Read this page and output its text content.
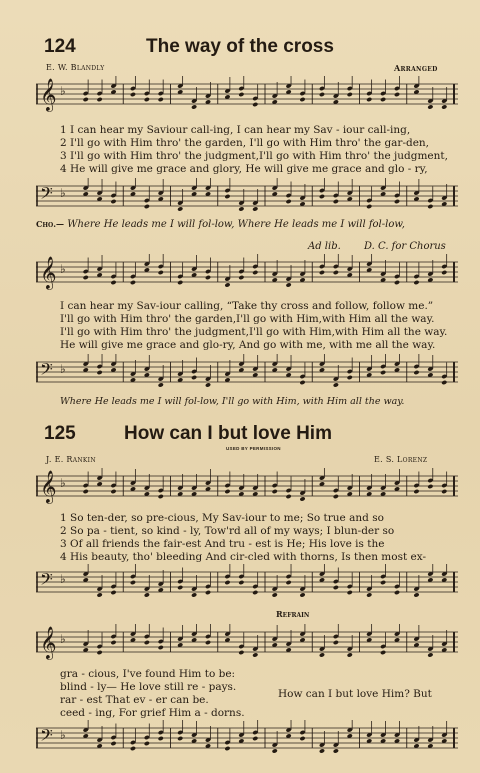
124	The way of the cross
E. W. Blandly	Arranged
𝄞 ♭
1 I can hear my Saviour call-ing, I can hear my Sav - iour call-ing,
2 I'll go with Him thro' the garden, I'll go with Him thro' the gar-den,
3 I'll go with Him thro' the judgment,I'll go with Him thro' the judgment,
4 He will give me grace and glory, He will give me grace and glo - ry,
𝄢 ♭
Cho.— Where He leads me I will fol-low, Where He leads me I will fol-low,
Ad lib. D. C. for Chorus
𝄞 ♭
I can hear my Sav-iour calling, “Take thy cross and follow, follow me.”
I'll go with Him thro' the garden,I'll go with Him,with Him all the way.
I'll go with Him thro' the judgment,I'll go with Him,with Him all the way.
He will give me grace and glo-ry, And go with me, with me all the way.
𝄢 ♭
Where He leads me I will fol-low, I'll go with Him, with Him all the way.
125	How can I but love Him
USED BY PERMISSION
J. E. Rankin	E. S. Lorenz
𝄞 ♭
1 So ten-der, so pre-cious, My Sav-iour to me; So true and so
2 So pa - tient, so kind - ly, Tow'rd all of my ways; I blun-der so
3 Of all friends the fair-est And tru - est is He; His love is the
4 His beauty, tho' bleeding And cir-cled with thorns, Is then most ex-
𝄢 ♭
Refrain
𝄞 ♭
gra - cious, I've found Him to be:
blind - ly— He love still re - pays.
rar - est That ev - er can be.
ceed - ing, For grief Him a - dorns.
How can I but love Him? But
𝄢 ♭
